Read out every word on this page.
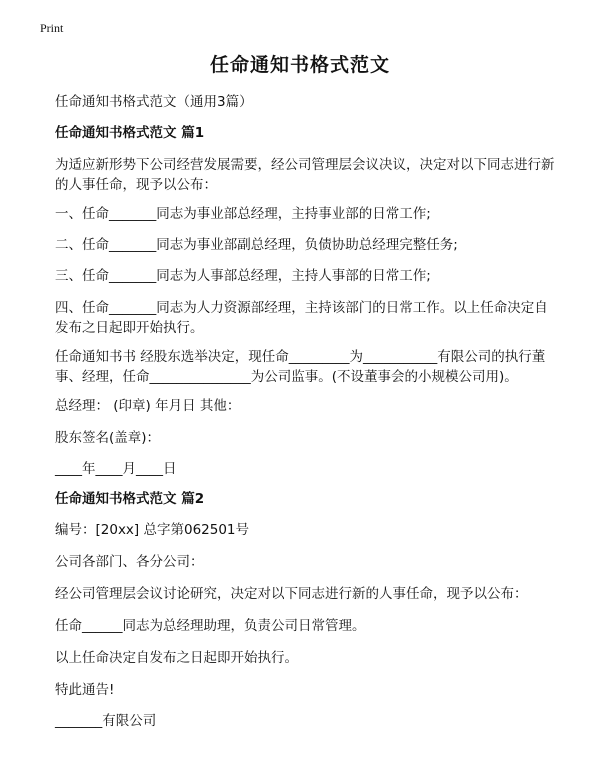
Print
任命通知书格式范文
任命通知书格式范文（通用3篇）
任命通知书格式范文 篇1
为适应新形势下公司经营发展需要，经公司管理层会议决议，决定对以下同志进行新的人事任命，现予以公布：
一、任命_______同志为事业部总经理，主持事业部的日常工作;
二、任命_______同志为事业部副总经理，负债协助总经理完整任务;
三、任命_______同志为人事部总经理，主持人事部的日常工作;
四、任命_______同志为人力资源部经理，主持该部门的日常工作。以上任命决定自发布之日起即开始执行。
任命通知书书 经股东选举决定，现任命_________为___________有限公司的执行董事、经理，任命_______________为公司监事。(不设董事会的小规模公司用)。
总经理： (印章) 年月日 其他：
股东签名(盖章)：
____年____月____日
任命通知书格式范文 篇2
编号：[20xx] 总字第062501号
公司各部门、各分公司：
经公司管理层会议讨论研究，决定对以下同志进行新的人事任命，现予以公布：
任命______同志为总经理助理，负责公司日常管理。
以上任命决定自发布之日起即开始执行。
特此通告!
_______有限公司
